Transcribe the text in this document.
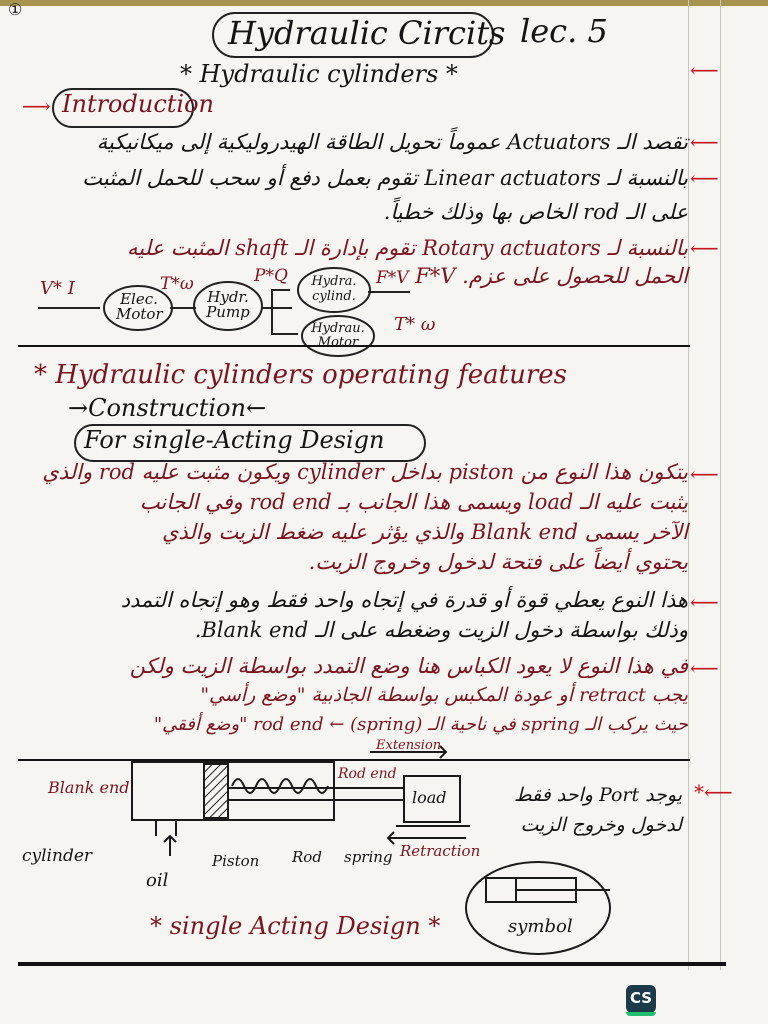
①
Hydraulic Circits lec. 5
* Hydraulic cylinders *	⟵
⟶ Introduction
تقصد الـ Actuators عموماً تحويل الطاقة الهيدروليكية إلى ميكانيكية ⟵
بالنسبة لـ Linear actuators تقوم بعمل دفع أو سحب للحمل المثبت ⟵
على الـ rod الخاص بها وذلك خطياً.
بالنسبة لـ Rotary actuators تقوم بإدارة الـ shaft المثبت عليه ⟵
الحمل للحصول على عزم. F*V
V* I	Elec. Motor
T*ω
Hydr. Pump
P*Q	Hydra. cylind.
F*V
Hydrau. Motor
T* ω
* Hydraulic cylinders operating features
→Construction←
For single-Acting Design
يتكون هذا النوع من piston بداخل cylinder ويكون مثبت عليه rod والذي ⟵
يثبت عليه الـ load ويسمى هذا الجانب بـ rod end وفي الجانب
الآخر يسمى Blank end والذي يؤثر عليه ضغط الزيت والذي
يحتوي أيضاً على فتحة لدخول وخروج الزيت.
هذا النوع يعطي قوة أو قدرة في إتجاه واحد فقط وهو إتجاه التمدد ⟵
وذلك بواسطة دخول الزيت وضغطه على الـ Blank end.
في هذا النوع لا يعود الكباس هنا وضع التمدد بواسطة الزيت ولكن ⟵
يجب retract أو عودة المكبس بواسطة الجاذبية "وضع رأسي"
حيث يركب الـ spring في ناحية الـ rod end ← (spring) "وضع أفقي"
Extension
Rod end
Blank end
load
Retraction
cylinder
oil
Piston Rod spring
يوجد Port واحد فقط لدخول وخروج الزيت
*⟵
* single Acting Design *	symbol
CS
